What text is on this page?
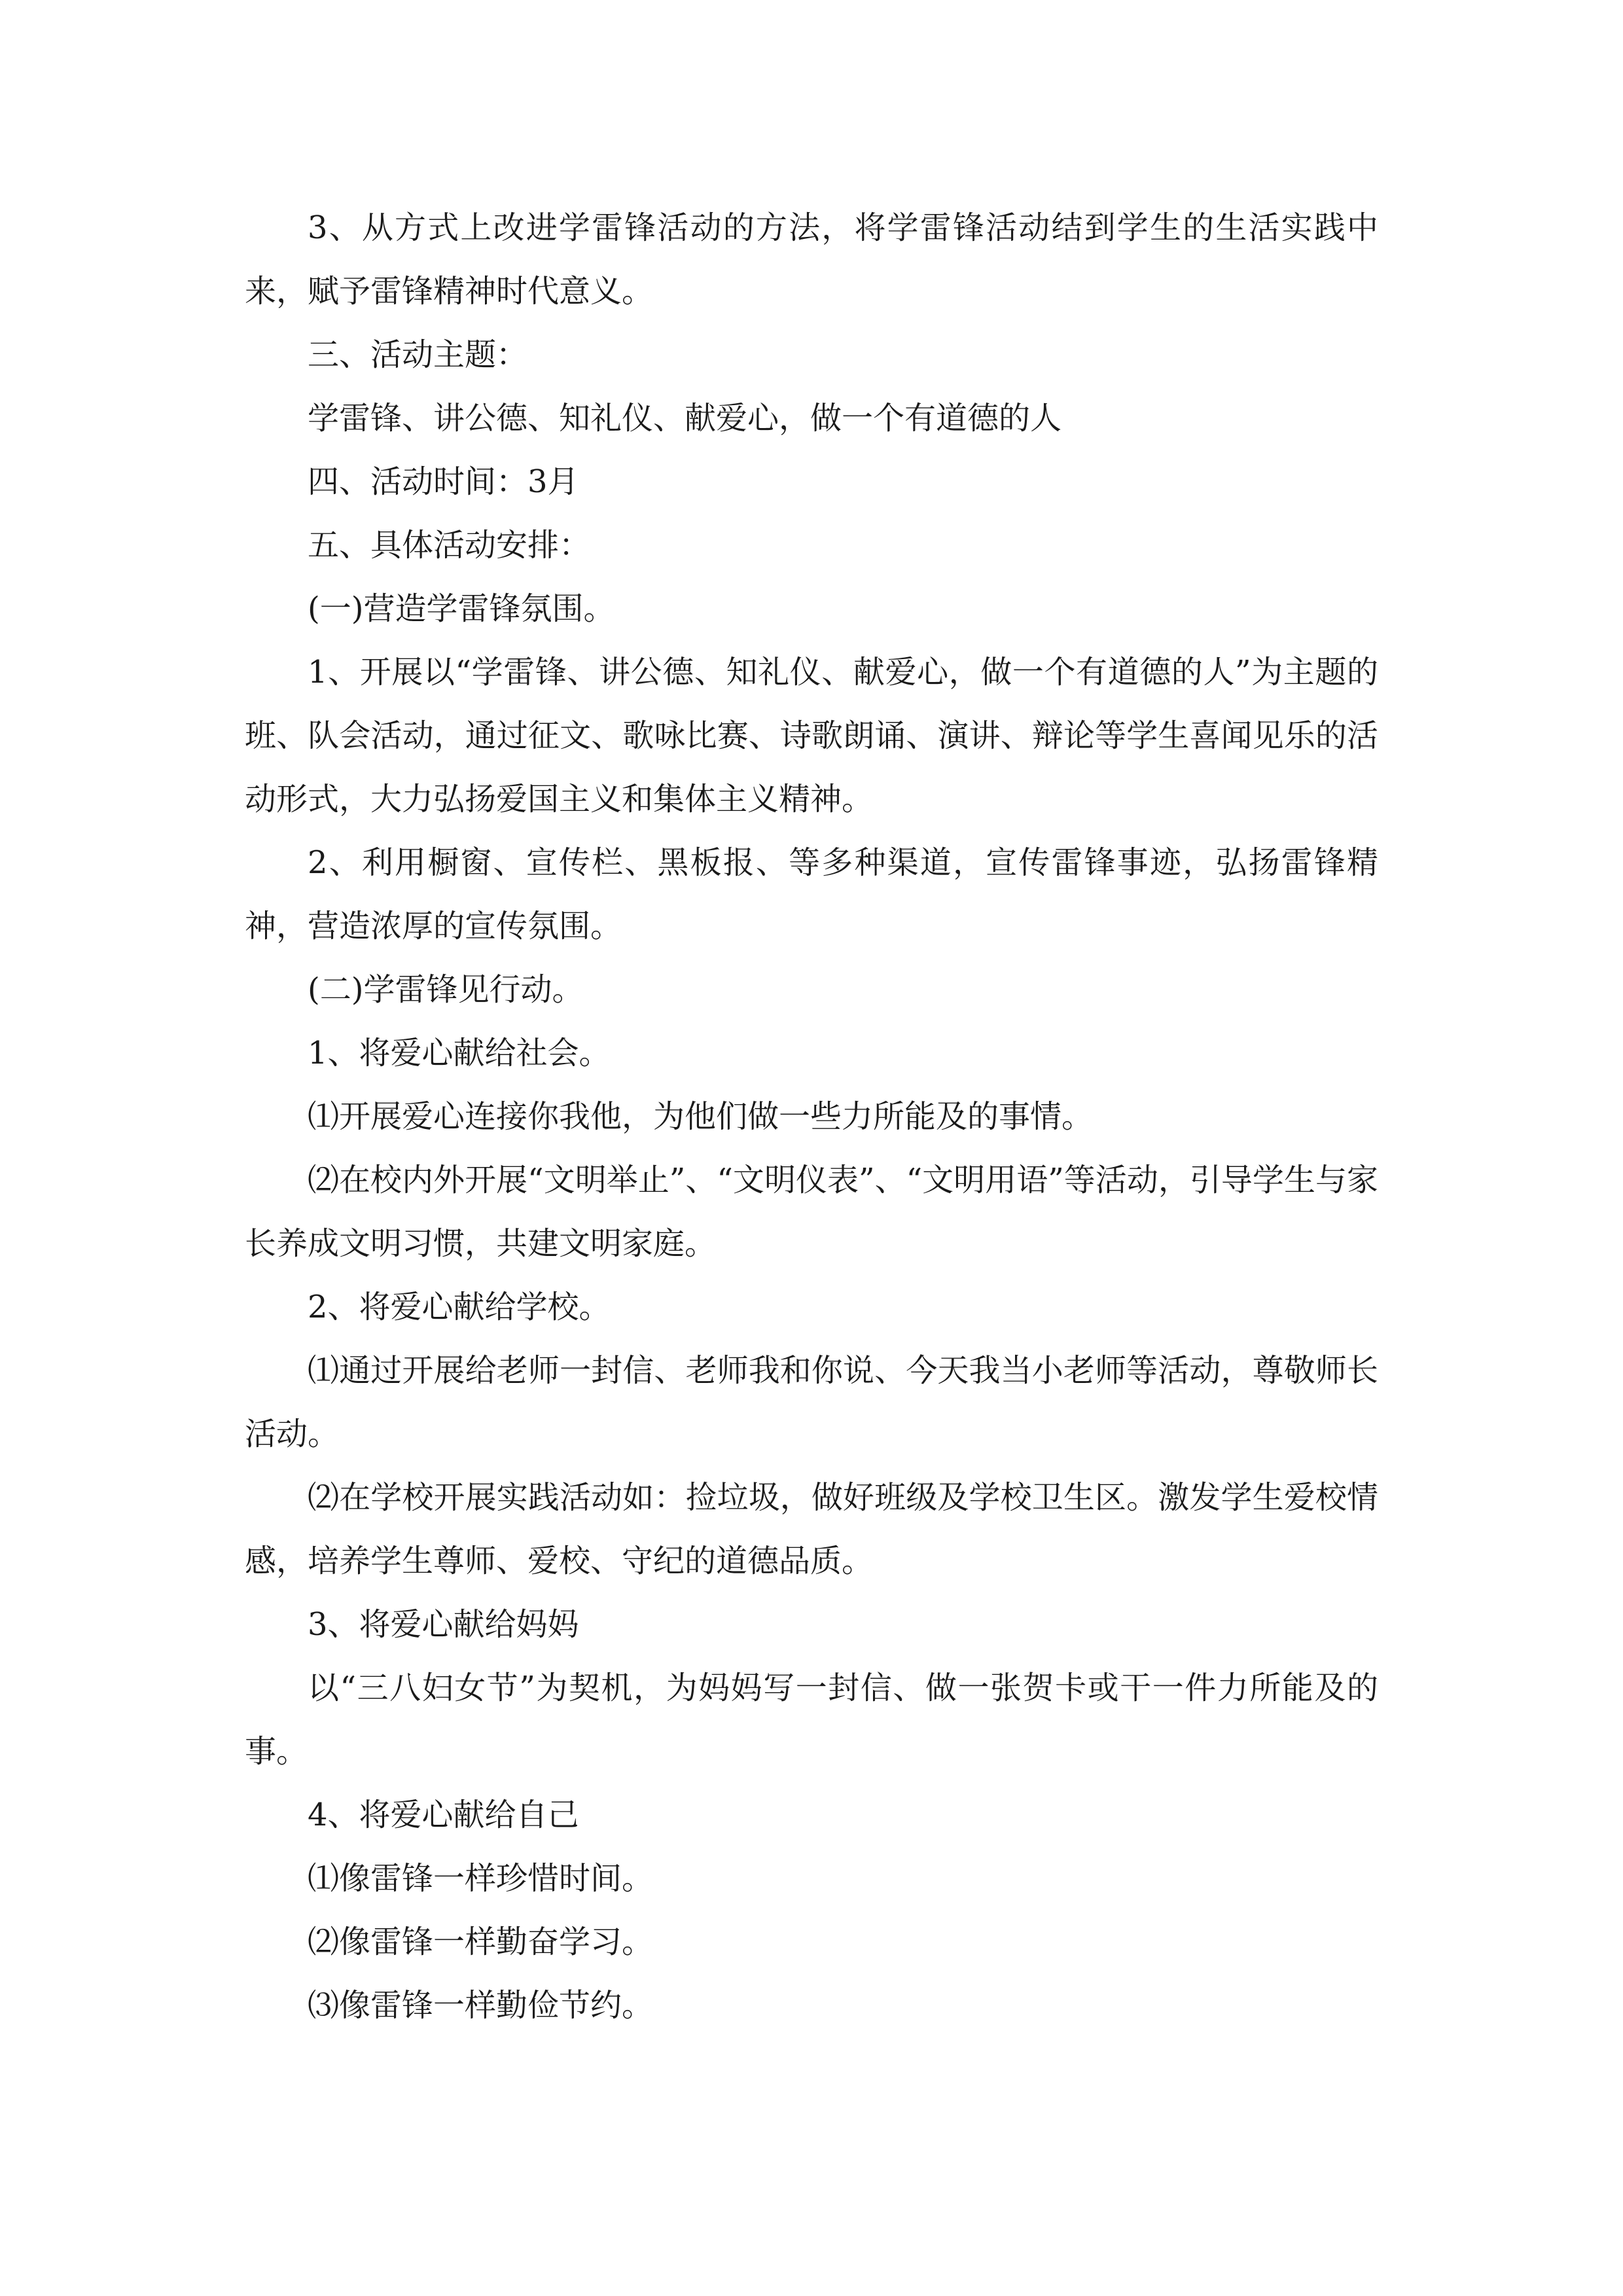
3、从方式上改进学雷锋活动的方法，将学雷锋活动结到学生的生活实践中来，赋予雷锋精神时代意义。

三、活动主题：

学雷锋、讲公德、知礼仪、献爱心，做一个有道德的人

四、活动时间：3月

五、具体活动安排：

(一)营造学雷锋氛围。

1、开展以“学雷锋、讲公德、知礼仪、献爱心，做一个有道德的人”为主题的班、队会活动，通过征文、歌咏比赛、诗歌朗诵、演讲、辩论等学生喜闻见乐的活动形式，大力弘扬爱国主义和集体主义精神。

2、利用橱窗、宣传栏、黑板报、等多种渠道，宣传雷锋事迹，弘扬雷锋精神，营造浓厚的宣传氛围。

(二)学雷锋见行动。

1、将爱心献给社会。

⑴开展爱心连接你我他，为他们做一些力所能及的事情。

⑵在校内外开展“文明举止”、“文明仪表”、“文明用语”等活动，引导学生与家长养成文明习惯，共建文明家庭。

2、将爱心献给学校。

⑴通过开展给老师一封信、老师我和你说、今天我当小老师等活动，尊敬师长活动。

⑵在学校开展实践活动如：捡垃圾，做好班级及学校卫生区。激发学生爱校情感，培养学生尊师、爱校、守纪的道德品质。

3、将爱心献给妈妈

以“三八妇女节”为契机，为妈妈写一封信、做一张贺卡或干一件力所能及的事。

4、将爱心献给自己

⑴像雷锋一样珍惜时间。

⑵像雷锋一样勤奋学习。

⑶像雷锋一样勤俭节约。
